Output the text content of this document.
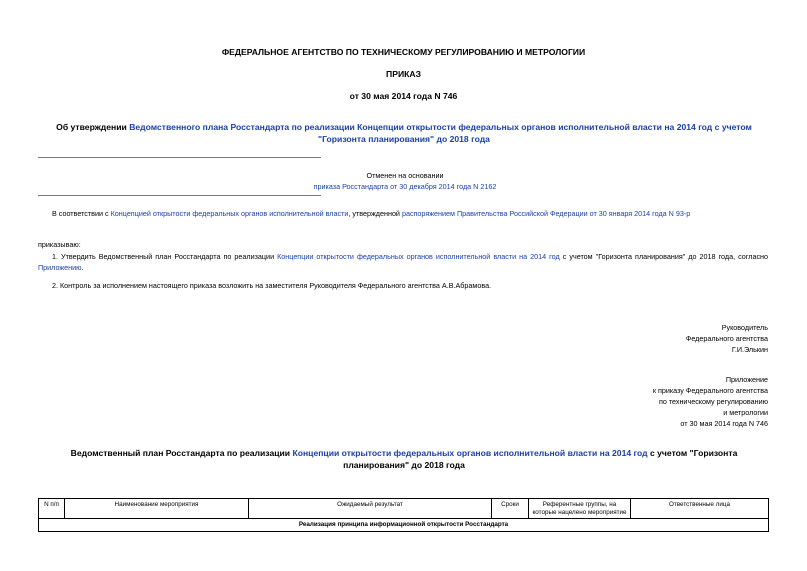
ФЕДЕРАЛЬНОЕ АГЕНТСТВО ПО ТЕХНИЧЕСКОМУ РЕГУЛИРОВАНИЮ И МЕТРОЛОГИИ
ПРИКАЗ
от 30 мая 2014 года N 746
Об утверждении Ведомственного плана Росстандарта по реализации Концепции открытости федеральных органов исполнительной власти на 2014 год с учетом "Горизонта планирования" до 2018 года
Отменен на основании
приказа Росстандарта от 30 декабря 2014 года N 2162
В соответствии с Концепцией открытости федеральных органов исполнительной власти, утвержденной распоряжением Правительства Российской Федерации от 30 января 2014 года N 93-р
приказываю:
1. Утвердить Ведомственный план Росстандарта по реализации Концепции открытости федеральных органов исполнительной власти на 2014 год с учетом "Горизонта планирования" до 2018 года, согласно Приложению.
2. Контроль за исполнением настоящего приказа возложить на заместителя Руководителя Федерального агентства А.В.Абрамова.
Руководитель
Федерального агентства
Г.И.Элькин
Приложение
к приказу Федерального агентства
по техническому регулированию
и метрологии
от 30 мая 2014 года N 746
Ведомственный план Росстандарта по реализации Концепции открытости федеральных органов исполнительной власти на 2014 год с учетом "Горизонта
планирования" до 2018 года
N п/п	Наименование мероприятия	Ожидаемый результат	Сроки	Референтные группы, на которые нацелено мероприятие	Ответственные лица
Реализация принципа информационной открытости Росстандарта
